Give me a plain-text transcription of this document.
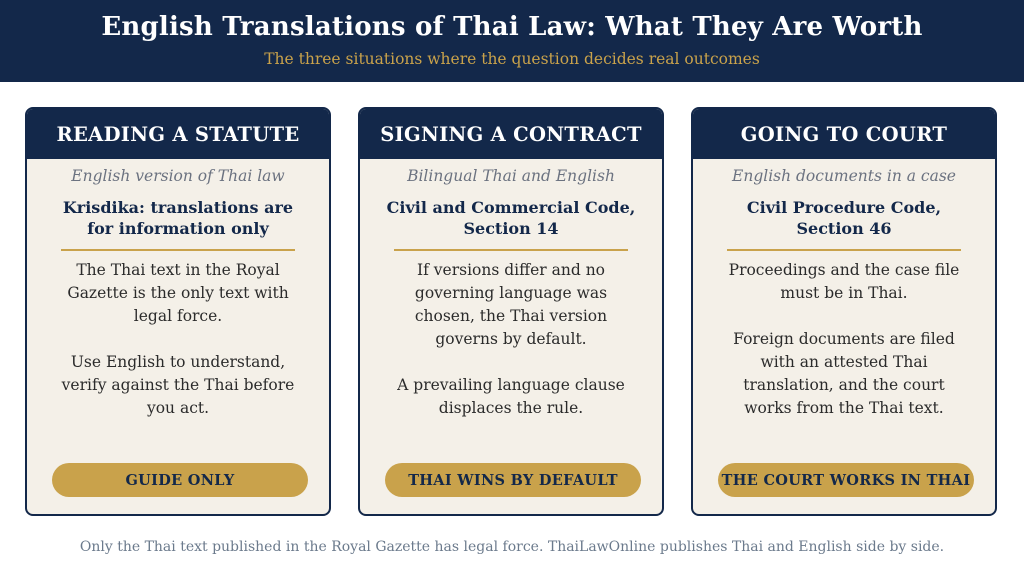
English Translations of Thai Law: What They Are Worth
The three situations where the question decides real outcomes
READING A STATUTE
English version of Thai law
Krisdika: translations are for information only

The Thai text in the Royal Gazette is the only text with legal force.

Use English to understand, verify against the Thai before you act.

GUIDE ONLY
SIGNING A CONTRACT
Bilingual Thai and English
Civil and Commercial Code, Section 14

If versions differ and no governing language was chosen, the Thai version governs by default.

A prevailing language clause displaces the rule.

THAI WINS BY DEFAULT
GOING TO COURT
English documents in a case
Civil Procedure Code, Section 46

Proceedings and the case file must be in Thai.

Foreign documents are filed with an attested Thai translation, and the court works from the Thai text.

THE COURT WORKS IN THAI
Only the Thai text published in the Royal Gazette has legal force. ThaiLawOnline publishes Thai and English side by side.
